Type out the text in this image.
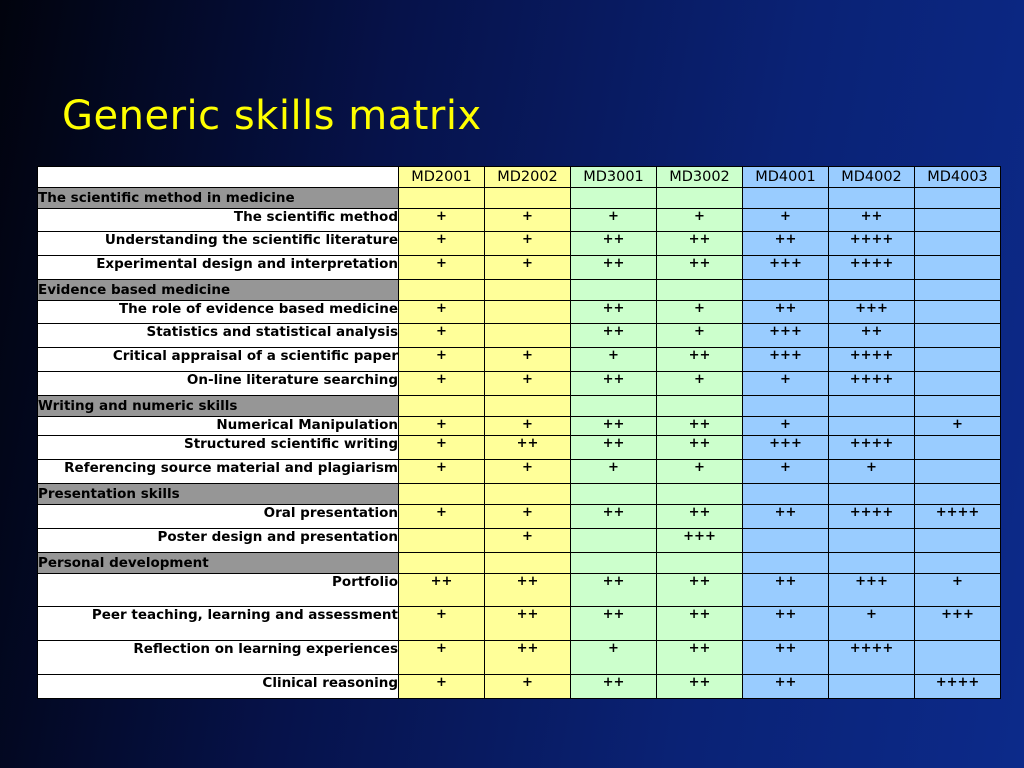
Generic skills matrix
	MD2001	MD2002	MD3001	MD3002	MD4001	MD4002	MD4003
The scientific method in medicine							
The scientific method	+	+	+	+	+	++	
Understanding the scientific literature	+	+	++	++	++	++++	
Experimental design and interpretation	+	+	++	++	+++	++++	
Evidence based medicine							
The role of evidence based medicine	+		++	+	++	+++	
Statistics and statistical analysis	+		++	+	+++	++	
Critical appraisal of a scientific paper	+	+	+	++	+++	++++	
On-line literature searching	+	+	++	+	+	++++	
Writing and numeric skills							
Numerical Manipulation	+	+	++	++	+		+
Structured scientific writing	+	++	++	++	+++	++++	
Referencing source material and plagiarism	+	+	+	+	+	+	
Presentation skills							
Oral presentation	+	+	++	++	++	++++	++++
Poster design and presentation		+		+++			
Personal development							
Portfolio	++	++	++	++	++	+++	+
Peer teaching, learning and assessment	+	++	++	++	++	+	+++
Reflection on learning experiences	+	++	+	++	++	++++	
Clinical reasoning	+	+	++	++	++		++++
